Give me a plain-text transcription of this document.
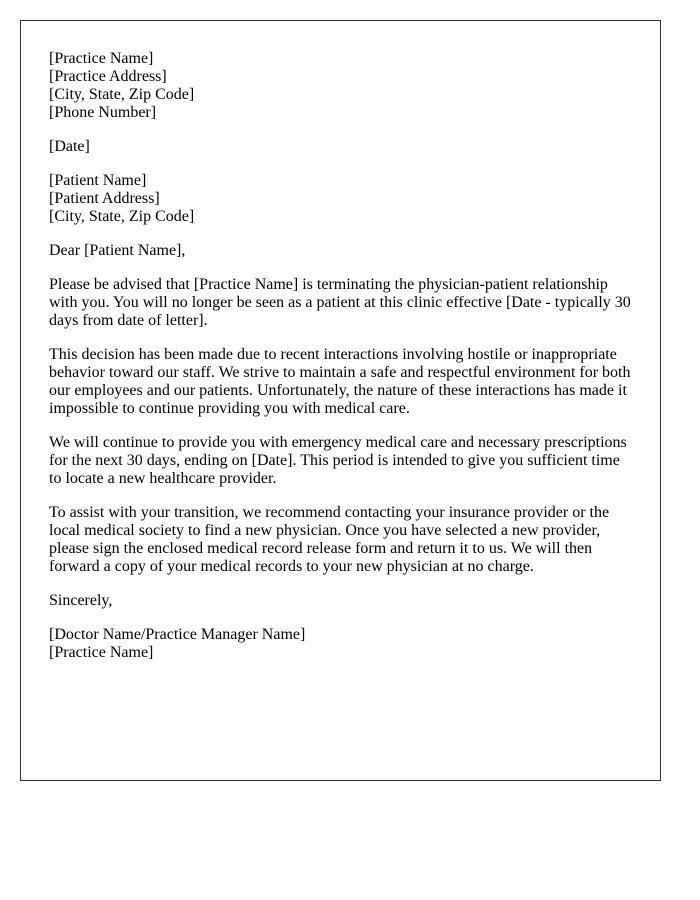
[Practice Name]
[Practice Address]
[City, State, Zip Code]
[Phone Number]
[Date]
[Patient Name]
[Patient Address]
[City, State, Zip Code]
Dear [Patient Name],
Please be advised that [Practice Name] is terminating the physician-patient relationship
with you. You will no longer be seen as a patient at this clinic effective [Date - typically 30
days from date of letter].
This decision has been made due to recent interactions involving hostile or inappropriate
behavior toward our staff. We strive to maintain a safe and respectful environment for both
our employees and our patients. Unfortunately, the nature of these interactions has made it
impossible to continue providing you with medical care.
We will continue to provide you with emergency medical care and necessary prescriptions
for the next 30 days, ending on [Date]. This period is intended to give you sufficient time
to locate a new healthcare provider.
To assist with your transition, we recommend contacting your insurance provider or the
local medical society to find a new physician. Once you have selected a new provider,
please sign the enclosed medical record release form and return it to us. We will then
forward a copy of your medical records to your new physician at no charge.
Sincerely,
[Doctor Name/Practice Manager Name]
[Practice Name]
